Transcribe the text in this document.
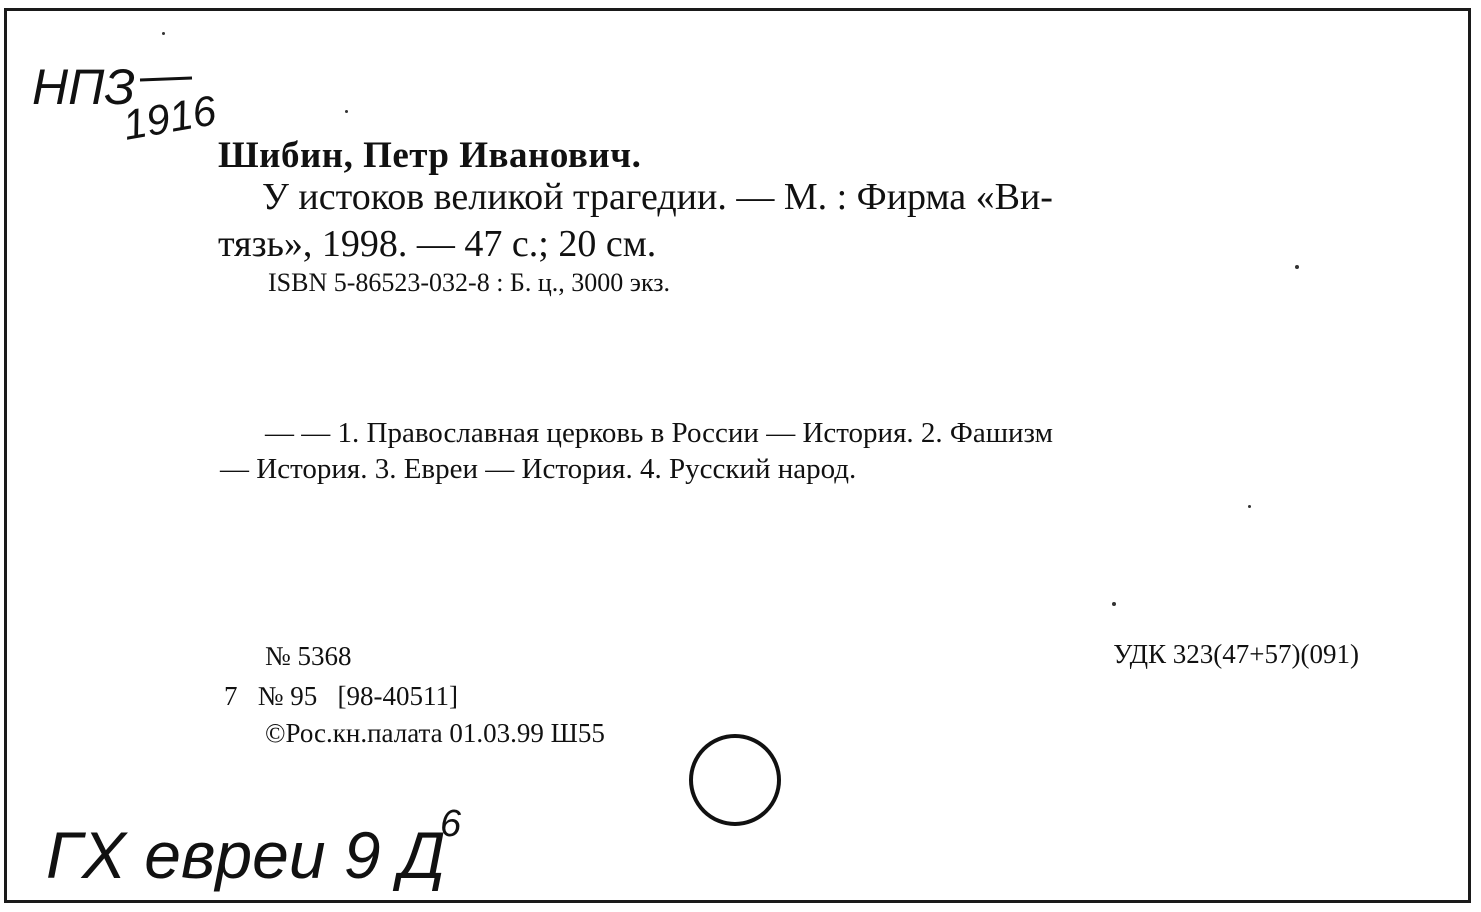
Шибин, Петр Иванович.
У истоков великой трагедии. — М. : Фирма «Ви-
тязь», 1998. — 47 с.; 20 см.
ISBN 5-86523-032-8 : Б. ц., 3000 экз.
— — 1. Православная церковь в России — История. 2. Фашизм
— История. 3. Евреи — История. 4. Русский народ.
№ 5368
7   № 95   [98-40511]
©Рос.кн.палата 01.03.99 Ш55
УДК 323(47+57)(091)
НПЗ
1916
ГХ евреи 9 Д
6
